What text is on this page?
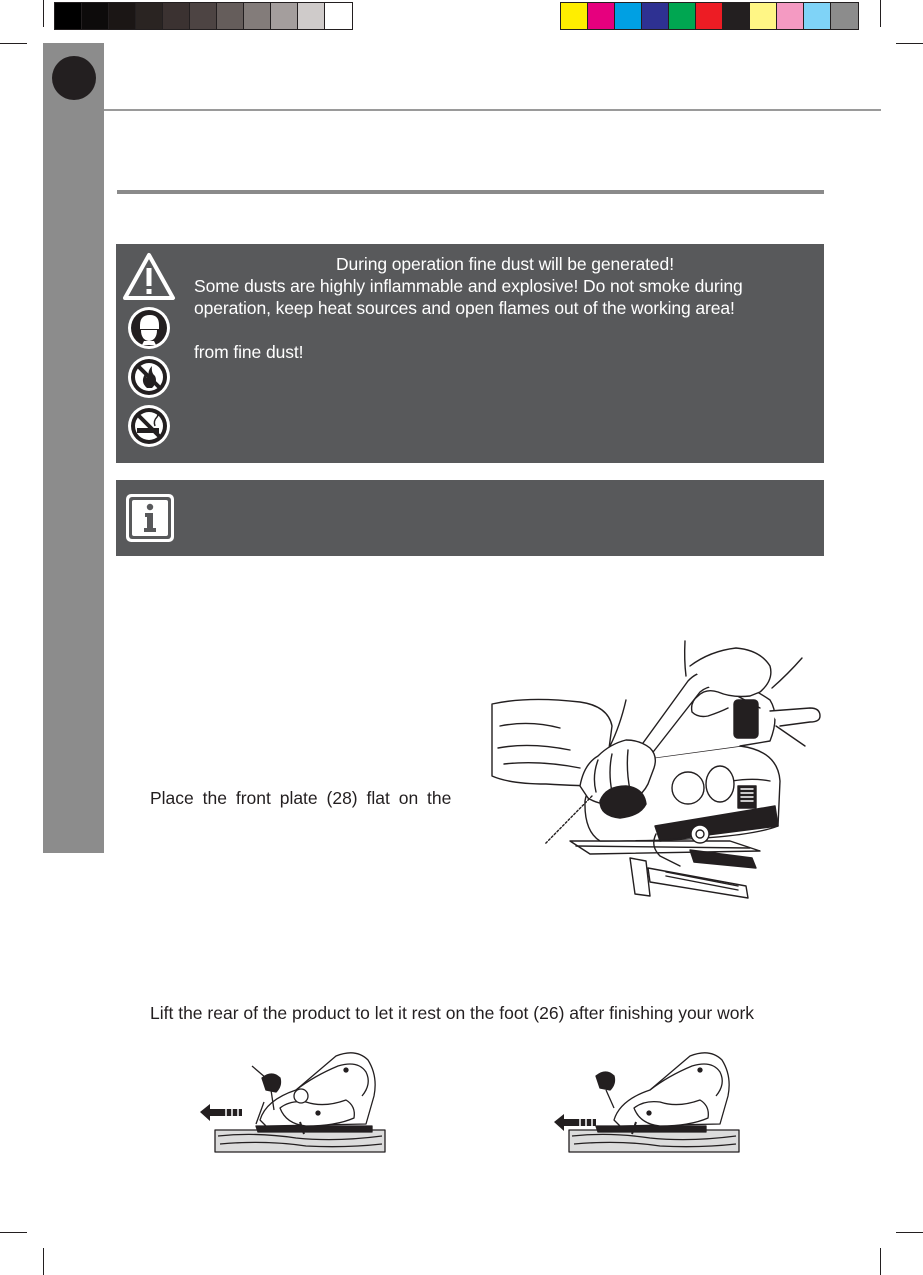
During operation fine dust will be generated!
Some dusts are highly inflammable and explosive! Do not smoke during
operation, keep heat sources and open flames out of the working area!
from fine dust!
Place the front plate (28) flat on the
Lift the rear of the product to let it rest on the foot (26) after finishing your work
